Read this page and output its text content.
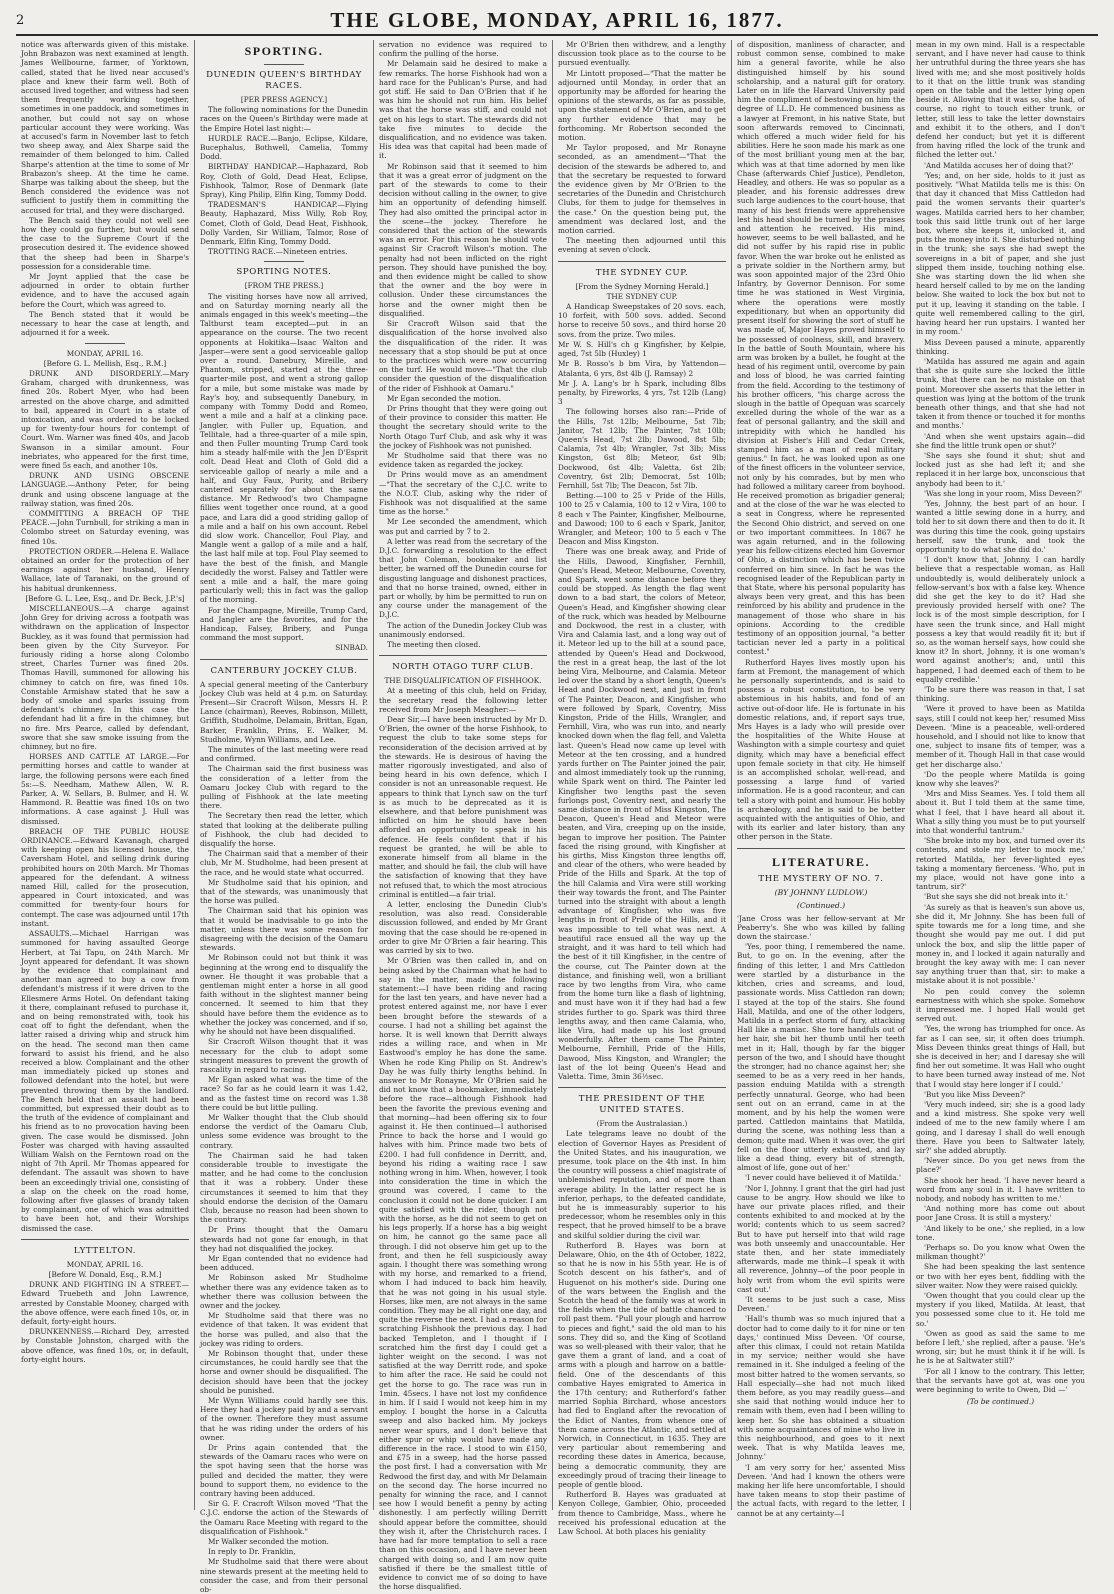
2	THE GLOBE, MONDAY, APRIL 16, 1877.

notice was afterwards given of this mistake. John Brabazon was next examined at length. James Wellbourne, farmer, of Yorktown, called, stated that he lived near accused's place and knew their farm well. Both of accused lived together, and witness had seen them frequently working together, sometimes in one paddock, and sometimes in another, but could not say on whose particular account they were working. Was at accused's farm in November last to fetch two sheep away, and Alex Sharpe said the remainder of them belonged to him. Called Sharpe's attention at the time to some of Mr Brabazon's sheep. At the time he came. Sharpe was talking about the sheep, but the Bench considered the evidence was not sufficient to justify them in committing the accused for trial, and they were discharged.

The Bench said they could not well see how they could go further, but would send the case to the Supreme Court if the prosecution desired it. The evidence showed that the sheep had been in Sharpe's possession for a considerable time.

Mr Joynt applied that the case be adjourned in order to obtain further evidence, and to have the accused again before the Court, which was agreed to.

The Bench stated that it would be necessary to hear the case at length, and adjourned it for a week.

MONDAY, APRIL 16.

[Before G. L. Mellish, Esq., R.M.]

DRUNK AND DISORDERLY.—Mary Graham, charged with drunkenness, was fined 20s. Robert Myer, who had been arrested on the above charge, and admitted to bail, appeared in Court in a state of intoxication, and was ordered to be locked up for twenty-four hours for contempt of Court. Wm. Warner was fined 40s, and Jacob Swanson in a similar amount. Four inebriates, who appeared for the first time, were fined 5s each, and another 10s.

DRUNK AND USING OBSCENE LANGUAGE.—Anthony Peter, for being drunk and using obscene language at the railway station, was fined 20s.

COMMITTING A BREACH OF THE PEACE.—John Turnbull, for striking a man in Colombo street on Saturday evening, was fined 10s.

PROTECTION ORDER.—Helena E. Wallace obtained an order for the protection of her earnings against her husband, Henry Wallace, late of Taranaki, on the ground of his habitual drunkenness.

[Before G. L. Lee, Esq., and Dr. Beck, J.P.'s]

MISCELLANEOUS.—A charge against John Grey for driving across a footpath was withdrawn on the application of Inspector Buckley, as it was found that permission had been given by the City Surveyor. For furiously riding a horse along Colombo street, Charles Turner was fined 20s. Thomas Havill, summoned for allowing his chimney to catch on fire, was fined 10s. Constable Armishaw stated that he saw a body of smoke and sparks issuing from defendant's chimney. In this case the defendant had lit a fire in the chimney, but no fire. Mrs Pearce, called by defendant, swore that she saw smoke issuing from the chimney, but no fire.

HORSES AND CATTLE AT LARGE.—For permitting horses and cattle to wander at large, the following persons were each fined 5s:—S. Needham, Mathew Allen, W. R. Parker, A. W. Sellars, B. Bulmer, and H. W. Hammond. R. Beattie was fined 10s on two informations. A case against J. Hull was dismissed.

BREACH OF THE PUBLIC HOUSE ORDINANCE.—Edward Kavanagh, charged with keeping open his licensed house, the Caversham Hotel, and selling drink during prohibited hours on 20th March. Mr Thomas appeared for the defendant. A witness named Hill, called for the prosecution, appeared in Court intoxicated, and was committed for twenty-four hours for contempt. The case was adjourned until 17th instant.

ASSAULTS.—Michael Harrigan was summoned for having assaulted George Herbert, at Tai Tapu, on 24th March. Mr Joynt appeared for defendant. It was shown by the evidence that complainant and another man agreed to buy a cow from defendant's mistress if it were driven to the Ellesmere Arms Hotel. On defendant taking it there, complainant refused to purchase it, and on being remonstrated with, took his coat off to fight the defendant, when the latter raised a driving whip and struck him on the head. The second man then came forward to assist his friend, and he also received a blow. Complainant and the other man immediately picked up stones and followed defendant into the hotel, but were prevented throwing them by the landlord. The Bench held that an assault had been committed, but expressed their doubt as to the truth of the evidence of complainant and his friend as to no provocation having been given. The case would be dismissed. John Foster was charged with having assaulted William Walsh on the Ferntown road on the night of 7th April. Mr Thomas appeared for defendant. The assault was shown to have been an exceedingly trivial one, consisting of a slap on the cheek on the road home, following after five glasses of brandy taken by complainant, one of which was admitted to have been hot, and their Worships dismissed the case.

LYTTELTON.

MONDAY, APRIL 16.

[Before W. Donald, Esq., R.M.]

DRUNK AND FIGHTING IN A STREET.—Edward Truebeth and John Lawrence, arrested by Constable Mooney, charged with the above offence, were each fined 10s, or, in default, forty-eight hours.

DRUNKENNESS.—Richard Dey, arrested by Constable Johnston, charged with the above offence, was fined 10s, or, in default, forty-eight hours.

SPORTING.
DUNEDIN QUEEN'S BIRTHDAY RACES.

[PER PRESS AGENCY.]

The following nominations for the Dunedin races on the Queen's Birthday were made at the Empire Hotel last night:—

HURDLE RACE.—Banjo, Eclipse, Kildare, Bucephalus, Bothwell, Camelia, Tommy Dodd.

BIRTHDAY HANDICAP.—Haphazard, Rob Roy, Cloth of Gold, Dead Heat, Eclipse, Fishhook, Talmor, Rose of Denmark (late Spray), King Philip, Elfin King, Tommy Dodd.

TRADESMAN'S HANDICAP.—Flying Beauty, Haphazard, Miss Willy, Rob Roy, Comet, Cloth of Gold, Dead Heat, Fishhook, Dolly Varden, Sir William, Talmor, Rose of Denmark, Elfin King, Tommy Dodd.

TROTTING RACE.—Nineteen entries.

SPORTING NOTES.

[FROM THE PRESS.]

The visiting horses have now all arrived, and on Saturday morning nearly all the animals engaged in this week's meeting—the Taltburst team excepted—put in an appearance on the course. The two recent opponents at Hokitika—Isaac Walton and Jasper—were sent a good serviceable gallop over a round. Danebury, Mireille, and Phantom, stripped, started at the three-quarter-mile post, and went a strong gallop for a mile, but some mistake was made by Ray's boy, and subsequently Danebury, in company with Tommy Dodd and Romeo, went a mile and a half at a clinking pace. Jangler, with Fuller up, Equation, and Tellitale, had a three-quarter of a mile spin, and then Fuller mounting Trump Card took him a steady half-mile with the Jen D'Esprit colt. Dead Heat and Cloth of Gold did a serviceable gallop of nearly a mile and a half, and Guy Faux, Purity, and Bribery cantered separately for about the same distance. Mr Redwood's two Champagne fillies went together once round, at a good pace, and Lara did a good striding gallop of a mile and a half on his own account. Rebel did slow work. Chancellor, Foul Play, and Mangle went a gallop of a mile and a half, the last half mile at top. Foul Play seemed to have the best of the finish, and Mangle decidedly the worst. Falsey and Tattler were sent a mile and a half, the mare going particularly well; this in fact was the gallop of the morning.

For the Champagne, Mireille, Trump Card, and Jangler are the favorites, and for the Handicap, Falsey, Bribery, and Punga command the most support.

SINBAD.

CANTERBURY JOCKEY CLUB.

A special general meeting of the Canterbury Jockey Club was held at 4 p.m. on Saturday. Present—Sir Cracroft Wilson, Messrs H. P. Lance (chairman), Reeves, Robinson, Millett, Griffith, Studholme, Delamain, Brittan, Egan, Barker, Franklin, Prins, E. Walker, M. Studholme, Wynn Williams, and Lee.

The minutes of the last meeting were read and confirmed.

The Chairman said the first business was the consideration of a letter from the Oamaru Jockey Club with regard to the pulling of Fishhook at the late meeting there.

The Secretary then read the letter, which stated that looking at the deliberate pulling of Fishhook, the club had decided to disqualify the horse.

The Chairman said that a member of their club, Mr M. Studholme, had been present at the race, and he would state what occurred.

Mr Studholme said that his opinion, and that of the stewards, was unanimously that the horse was pulled.

The Chairman said that his opinion was that it would be inadvisable to go into the matter, unless there was some reason for disagreeing with the decision of the Oamaru stewards.

Mr Robinson could not but think it was beginning at the wrong end to disqualify the owner. He thought it was probable that a gentleman might enter a horse in all good faith without in the slightest manner being concerned. It seemed to him that they should have before them the evidence as to whether the jockey was concerned, and if so, why he should not have been disqualified.

Sir Cracroft Wilson thought that it was necessary for the club to adopt some stringent measures to prevent the growth of rascality in regard to racing.

Mr Egan asked what was the time of the race? So far as he could learn it was 1.42, and as the fastest time on record was 1.38 there could be but little pulling.

Mr Walker thought that the Club should endorse the verdict of the Oamaru Club, unless some evidence was brought to the contrary.

The Chairman said he had taken considerable trouble to investigate the matter, and he had come to the conclusion that it was a robbery. Under these circumstances it seemed to him that they should endorse the decision of the Oamaru Club, because no reason had been shown to the contrary.

Dr Prins thought that the Oamaru stewards had not gone far enough, in that they had not disqualified the jockey.

Mr Egan contended that no evidence had been adduced.

Mr Robinson asked Mr Studholme whether there was any evidence taken as to whether there was collusion between the owner and the jockey.

Mr Studholme said that there was no evidence of that taken. It was evident that the horse was pulled, and also that the jockey was riding to orders.

Mr Robinson thought that, under these circumstances, he could hardly see that the horse and owner should be disqualified. The decision should have been that the jockey should be punished.

Mr Wynn Williams could hardly see this. Here they had a jockey paid by and a servant of the owner. Therefore they must assume that he was riding under the orders of his owner.

Dr Prins again contended that the stewards of the Oamaru races who were on the spot having seen that the horse was pulled and decided the matter, they were bound to support them, no evidence to the contrary having been adduced.

Sir G. F. Cracroft Wilson moved "That the C.J.C. endorse the action of the Stewards of the Oamaru Race Meeting with regard to the disqualification of Fishhook."

Mr Walker seconded the motion.

In reply to Dr. Franklin,

Mr Studholme said that there were about nine stewards present at the meeting held to consider the case, and from their personal ob-

servation no evidence was required to confirm the pulling of the horse.

Mr Delamain said he desired to make a few remarks. The horse Fishhook had won a hard race for the Publican's Purse, and had got stiff. He said to Dan O'Brien that if he was him he should not run him. His belief was that the horse was stiff, and could not get on his legs to start. The stewards did not take five minutes to decide the disqualification, and no evidence was taken. His idea was that capital had been made of it.

Mr Robinson said that it seemed to him that it was a great error of judgment on the part of the stewards to come to their decision without calling in the owner, to give him an opportunity of defending himself. They had also omitted the principal actor in the scene—the jockey. Therefore he considered that the action of the stewards was an error. For this reason he should vote against Sir Cracroft Wilson's motion. The penalty had not been inflicted on the right person. They should have punished the boy, and then evidence might be called to show that the owner and the boy were in collusion. Under these circumstances the horse and the owner might then be disqualified.

Sir Cracroft Wilson said that the disqualification of the horse involved also the disqualification of the rider. It was necessary that a stop should be put at once to the practices which were now occurring on the turf. He would move—"That the club consider the question of the disqualification of the rider of Fishhook at Oamaru."

Mr Egan seconded the motion.

Dr Prins thought that they were going out of their province to consider this matter. He thought the secretary should write to the North Otago Turf Club, and ask why it was the jockey of Fishhook was not punished.

Mr Studholme said that there was no evidence taken as regarded the jockey.

Dr Prins would move as an amendment—"That the secretary of the C.J.C. write to the N.O.T. Club, asking why the rider of Fishhook was not disqualified at the same time as the horse."

Mr Lee seconded the amendment, which was put and carried by 7 to 2.

A letter was read from the secretary of the D.J.C. forwarding a resolution to the effect that John Coleman, bookmaker and list better, be warned off the Dunedin course for disgusting language and dishonest practices, and that no horse trained, owned, either in part or wholly, by him be permitted to run on any course under the management of the D.J.C.

The action of the Dunedin Jockey Club was unanimously endorsed.

The meeting then closed.

NORTH OTAGO TURF CLUB.

THE DISQUALIFICATION OF FISHHOOK.

At a meeting of this club, held on Friday, the secretary read the following letter received from Mr Joseph Meagher:—

Dear Sir,—I have been instructed by Mr D. O'Brien, the owner of the horse Fishhook, to request the club to take some steps for reconsideration of the decision arrived at by the stewards. He is desirous of having the matter rigorously investigated, and also of being heard in his own defence, which I consider is not an unreasonable request. He appears to think that Lynch saw on the turf is as much to be deprecated as it is elsewhere, and that before punishment was inflicted on him he should have been afforded an opportunity to speak in his defence. He feels confident that if his request be granted, he will be able to exonerate himself from all blame in the matter, and should he fail, the club will have the satisfaction of knowing that they have not refused that, to which the most atrocious criminal is entitled—a fair trial.

A letter, enclosing the Dunedin Club's resolution, was also read. Considerable discussion followed, and ended by Mr Grant moving that the case should be re-opened in order to give Mr O'Brien a fair hearing. This was carried by six to two.

Mr O'Brien was then called in, and on being asked by the Chairman what he had to say in the matter, made the following statement:—I have been riding and racing for the last ten years, and have never had a protest entered against me, nor have I ever been brought before the stewards of a course. I had not a shilling bet against the horse. It is well known that Derritt always rides a willing race, and when in Mr Eastwood's employ he has done the same. When he rode King Philip on St. Andrew's Day he was fully thirty lengths behind. In answer to Mr Ronayne, Mr O'Brien said he did not know that a bookmaker, immediately before the race—although Fishhook had been the favorite the previous evening and that morning—had been offering six to four against it. He then continued—I authorised Prince to back the horse and I would go halves with him. Prince made two bets of £200. I had full confidence in Derritt, and, beyond his riding a waiting race I saw nothing wrong in him. When, however, I took into consideration the time in which the ground was covered, I came to the conclusion it could not be done quicker. I am quite satisfied with the rider, though not with the horse, as he did not seem to get on his legs properly. If a horse has a big weight on him, he cannot go the same pace all through. I did not observe him get up to the front, and then he fell suspiciously away again. I thought there was something wrong with my horse, and remarked to a friend, whom I had induced to back him heavily, that he was not going in his usual style. Horses, like men, are not always in the same condition. They may be all right one day, and quite the reverse the next. I had a reason for scratching Fishhook the previous day. I had backed Templeton, and I thought if I scratched him the first day I could get a lighter weight on the second. I was not satisfied at the way Derritt rode, and spoke to him after the race. He said he could not get the horse to go. The race was run in 1min. 45secs. I have not lost my confidence in him. If I said I would not keep him in my employ. I bought the horse in a Calcutta sweep and also backed him. My jockeys never wear spurs, and I don't believe that either spur or whip would have made any difference in the race. I stood to win £150, and £75 in a sweep, had the horse passed the post first. I had a conversation with Mr Redwood the first day, and with Mr Delamain on the second day. The horse incurred no penalty for winning the race, and I cannot see how I would benefit a penny by acting dishonestly. I am perfectly willing Derritt should appear before the committee, should they wish it, after the Christchurch races. I have had far more temptation to sell a race than on this occasion, and I have never been charged with doing so, and I am now quite satisfied if there be the smallest tittle of evidence to convict me of so doing to have the horse disqualified.

Mr O'Brien then withdrew, and a lengthy discussion took place as to the course to be pursued eventually.

Mr Lintott proposed—"That the matter be adjourned until Monday, in order that an opportunity may be afforded for hearing the opinions of the stewards, as far as possible, upon the statement of Mr O'Brien, and to get any further evidence that may be forthcoming. Mr Robertson seconded the motion.

Mr Taylor proposed, and Mr Ronayne seconded, as an amendment—"That the decision of the stewards be adhered to, and that the secretary be requested to forward the evidence given by Mr O'Brien to the secretaries of the Dunedin and Christchurch Clubs, for them to judge for themselves in the case." On the question being put, the amendment was declared lost, and the motion carried.

The meeting then adjourned until this evening at seven o'clock.

THE SYDNEY CUP.

[From the Sydney Morning Herald.]

THE SYDNEY CUP.

A Handicap Sweepstakes of 20 sovs. each, 10 forfeit, with 500 sovs. added. Second horse to receive 50 sovs., and third horse 20 sovs. from the prize. Two miles.

Mr W. S. Hill's ch g Kingfisher, by Kelpie, aged, 7st 5lb (Huxley) 1

Mr B. Rosso's b bm Vira, by Yattendon—Atalanta, 6 yrs, 8st 4lb (J. Ramsay) 2

Mr J. A. Lang's br h Spark, including 8lbs penalty, by Fireworks, 4 yrs, 7st 12lb (Lang) 3

The following horses also ran:—Pride of the Hills, 7st 12lb; Melbourne, 5st 7lb; Janitor, 7st 12lb; The Painter, 7st 10lb; Queen's Head, 7st 2lb; Dawood, 8st 5lb; Calamia, 7st 4lb; Wrangler, 7st 3lb; Miss Kingston, 6st 8lb; Meteor, 6st 9lb; Dockwood, 6st 4lb; Valetta, 6st 2lb; Coventry, 6st 2lb; Democrat, 5st 10lb; Fernhill, 5st 7lb; The Deacon, 5st 7lb.

Betting.—100 to 25 v Pride of the Hills, 100 to 25 v Calamia, 100 to 12 v Vira, 100 to 8 each v The Painter, Kingfisher, Melbourne, and Dawood; 100 to 6 each v Spark, Janitor, Wrangler, and Meteor; 100 to 5 each v The Deacon and Miss Kingston.

There was one break away, and Pride of the Hills, Dawood, Kingfisher, Fernhill, Queen's Head, Meteor, Melbourne, Coventry, and Spark, went some distance before they could be stopped. As length the flag went down to a bad start, the colors of Meteor, Queen's Head, and Kingfisher showing clear of the ruck, which was headed by Melbourne and Dockwood, the rest in a cluster, with Vira and Calamia last, and a long way out of it. Meteor led up to the hill at a sound pace, attended by Queen's Head and Dockwood, the rest in a great heap, the last of the lot being Vira, Melbourne, and Calamia. Meteor led over the stand by a short length, Queen's Head and Dockwood next, and just in front of The Painter, Deacon, and Kingfisher, who were followed by Spark, Coventry, Miss Kingston, Pride of the Hills, Wrangler, and Fernhill, Vira, who was run into, and nearly knocked down when the flag fell, and Valetta last. Queen's Head now came up level with Meteor at the ten crossing, and a hundred yards further on The Painter joined the pair, and almost immediately took up the running, while Spark went on third. The Painter led Kingfisher two lengths past the seven furlongs post, Coventry next, and nearly the same distance in front of Miss Kingston, The Deacon, Queen's Head and Meteor were beaten, and Vira, creeping up on the inside, began to improve her position. The Painter faced the rising ground, with Kingfisher at his girths, Miss Kingston three lengths off, and clear of the others, who were headed by Pride of the Hills and Spark. At the top of the hill Calamia and Vira were still working their way towards the front, and The Painter turned into the straight with about a length advantage of Kingfisher, who was five lengths in front of Pride of the Hills, and it was impossible to tell what was next. A beautiful race ensued all the way up the straight, and it was hard to tell which had the best of it till Kingfisher, in the centre of the course, cut The Painter down at the distance, and finishing well, won a brilliant race by two lengths from Vira, who came from the home turn like a flash of lightning, and must have won it if they had had a few strides further to go. Spark was third three lengths away, and then came Calamia, who, like Vira, had made up his lost ground wonderfully. After them came The Painter, Melbourne, Fernhill, Pride of the Hills, Dawood, Miss Kingston, and Wrangler; the last of the lot being Queen's Head and Valetta. Time, 3min 36½sec.

THE PRESIDENT OF THE UNITED STATES.

(From the Australasian.)

Late telegrams leave no doubt of the election of Governor Hayes as President of the United States, and his inauguration, we presume, took place on the 4th inst. In him the country will possess a chief magistrate of unblemished reputation, and of more than average ability. In the latter respect he is inferior, perhaps, to the defeated candidate, but he is immeasurably superior to his predecessor, whom he resembles only in this respect, that he proved himself to be a brave and skilful soldier during the civil war.

Rutherford B. Hayes was born at Delaware, Ohio, on the 4th of October, 1822, so that he is now in his 55th year. He is of Scotch descent on his father's, and of Huguenot on his mother's side. During one of the wars between the English and the Scotch the head of the family was at work in the fields when the tide of battle chanced to roll past them. "Pull your plough and harrow to pieces and fight," said the old man to his sons. They did so, and the King of Scotland was so well-pleased with their valor, that he gave them a grant of land, and a coat of arms with a plough and harrow on a battle-field. One of the descendants of this combative Hayes emigrated to America in the 17th century; and Rutherford's father married Sophia Birchard, whose ancestors had fled to England after the revocation of the Edict of Nantes, from whence one of them came across the Atlantic, and settled at Norwich, in Connecticut, in 1635. They are very particular about remembering and recording these dates in America, because, being a democratic community, they are exceedingly proud of tracing their lineage to people of gentle blood.

Rutherford B. Hayes was graduated at Kenyon College, Gambier, Ohio, proceeded from thence to Cambridge, Mass., where he received his professional education at the Law School. At both places his geniality

of disposition, manliness of character, and robust common sense, combined to make him a general favorite, while he also distinguished himself by his sound scholarship, and a natural gift for oratory. Later on in life the Harvard University paid him the compliment of bestowing on him the degree of LL.D. He commenced business as a lawyer at Fremont, in his native State, but soon afterwards removed to Cincinnati, which offered a much wider field for his abilities. Here he soon made his mark as one of the most brilliant young men at the bar, which was at that time adorned by men like Chase (afterwards Chief Justice), Pendleton, Headley, and others. He was so popular as a pleader, and his forensic addresses drew such large audiences to the court-house, that many of his best friends were apprehensive lest his head should be turned by the praises and attention he received. His mind, however, seems to be well ballasted, and he did not suffer by his rapid rise in public favor. When the war broke out he enlisted as a private soldier in the Northern army, but was soon appointed major of the 23rd Ohio Infantry, by Governor Dennison. For some time he was stationed in West Virginia, where the operations were mostly expeditionary, but when an opportunity did present itself for showing the sort of stuff he was made of, Major Hayes proved himself to be possessed of coolness, skill, and bravery. In the battle of South Mountain, where his arm was broken by a bullet, he fought at the head of his regiment until, overcome by pain and loss of blood, he was carried fainting from the field. According to the testimony of his brother officers, "his charge across the slough in the battle of Opequan was scarcely excelled during the whole of the war as a feat of personal gallantry, and the skill and intrepidity with which he handled his division at Fisher's Hill and Cedar Creek, stamped him as a man of real military genius." In fact, he was looked upon as one of the finest officers in the volunteer service, not only by his comrades, but by men who had followed a military career from boyhood. He received promotion as brigadier general; and at the close of the war he was elected to a seat in Congress, where he represented the Second Ohio district, and served on one or two important committees. In 1867 he was again returned, and in the following year his fellow-citizens elected him Governor of Ohio, a distinction which has been twice conferred on him since. In fact he was the recognised leader of the Republican party in that State, where his personal popularity has always been very great, and this has been reinforced by his ability and prudence in the management of those who share in his opinions. According to the credible testimony of an opposition journal, "a better tactician never led a party in a political contest."

Rutherford Hayes lives mostly upon his farm at Fremont, the management of which he personally superintends, and is said to possess a robust constitution, to be very abstemious in his habits, and fond of an active out-of-door life. He is fortunate in his domestic relations, and, if report says true, Mrs Hayes is a lady who will preside over the hospitalities of the White House at Washington with a simple courtesy and quiet dignity, which may have a beneficial effect upon female society in that city. He himself is an accomplished scholar, well-read, and possessing a large fund of varied information. He is a good raconteur, and can tell a story with point and humour. His hobby is archæology, and he is said to be better acquainted with the antiquities of Ohio, and with its earlier and later history, than any other person in the State.

LITERATURE.
THE MYSTERY OF NO. 7.
(BY JOHNNY LUDLOW.)
(Continued.)

'Jane Cross was her fellow-servant at Mr Peaberry's. She who was killed by falling down the staircase.'

'Yes, poor thing, I remembered the name. But, to go on. In the evening, after the finding of this letter, I and Mrs Cattledon were startled by a disturbance in the kitchen, cries and screams, and loud, passionate words. Miss Cattledon ran down; I stayed at the top of the stairs. She found Hall, Matilda, and one of the other lodgers, Matilda in a perfect storm of fury, attacking Hall like a maniac. She tore handfuls out of her hair, she bit her thumb until her teeth met in it; Hall, though by far the bigger person of the two, and I should have thought the stronger, had no chance against her; she seemed to be as a very reed in her hands, passion enduing Matilda with a strength perfectly unnatural. George, who had been sent out on an errand, came in at the moment, and by his help the women were parted. Cattledon maintains that Matilda, during the scene, was nothing less than a demon; quite mad. When it was over, the girl fell on the floor utterly exhausted, and lay like a dead thing, every bit of strength, almost of life, gone out of her.'

'I never could have believed it of Matilda.'

'Nor I, Johnny. I grant that the girl had just cause to be angry. How should we like to have our private places rifled, and their contents exhibited to and mocked at by the world; contents which to us seem sacred? But to have put herself into that wild rage was both unseemly and unaccountable. Her state then, and her state immediately afterwards, made me think—I speak it with all reverence, Johnny—of the poor people in holy writ from whom the evil spirits were cast out.'

'It seems to be just such a case, Miss Deveen.'

'Hall's thumb was so much injured that a doctor had to come daily to it for nine or ten days,' continued Miss Deveen. 'Of course, after this climax, I could not retain Matilda in my service; neither would she have remained in it. She indulged a feeling of the most bitter hatred to the women servants, so Hall especially—she had not much liked them before, as you may readily guess—and she said that nothing would induce her to remain with them, even had I been willing to keep her. So she has obtained a situation with some acquaintances of mine who live in this neighbourhood, and goes to it next week. That is why Matilda leaves me, Johnny.'

'I am very sorry for her,' assented Miss Deveen. 'And had I known the others were making her life here uncomfortable, I should have taken means to stop their pastime of the actual facts, with regard to the letter, I cannot be at any certainty—I

mean in my own mind. Hall is a respectable servant, and I have never had cause to think her untruthful during the three years she has lived with me; and she most positively holds to it that on the little trunk was standing open on the table and the letter lying open beside it. Allowing that it was so, she had, of course, no right to touch either trunk, or letter, still less to take the letter downstairs and exhibit it to the others, and I don't defend her conduct; but yet it is different from having rifled the lock of the trunk and filched the letter out.'

'And Matilda accuses her of doing that?'

'Yes; and, on her side, holds to it just as positively. "What Matilda tells me is this: On that day it chanced that Miss Cattledon had paid the women servants their quarter's wages. Matilda carried hers to her chamber, took this said little trunk out of her large box, where she keeps it, unlocked it, and puts the money into it. She disturbed nothing in the trunk; she says she had swept the sovereigns in a bit of paper, and she just slipped them inside, touching nothing else. She was starting down the lid when she heard herself called to by me on the landing below. She waited to lock the box but not to put it up, leaving it standing on the table. I quite well remembered calling to the girl, having heard her run upstairs. I wanted her in my room.'

Miss Deveen paused a minute, apparently thinking.

'Matilda has assured me again and again that she is quite sure she locked the little trunk, that there can be no mistake on that point. Moreover she asserts that the letter in question was lying at the bottom of the trunk beneath other things, and that she had not taken it from thence or touched it for months and months.'

'And when she went upstairs again—did she find the little trunk open or shut?'

'She says she found it shut; shut and locked just as she had left it; and she replaced it in her large box, unconscious that anybody had been to it.'

'Was she long in your room, Miss Deveen?'

'Yes, Johnny, the best part of an hour. I wanted a little sewing done in a hurry, and told her to sit down there and then to do it. It was during this time the cook, going upstairs herself, saw the trunk, and took the opportunity to do what she did do.'

'I don't know that, Johnny. I can hardly believe that a respectable woman, as Hall undoubtedly is, would deliberately unlock a fellow-servant's box with a false key. Whence did she get the key to do it? Had she previously provided herself with one? The lock is of the most simple description, for I have seen the trunk since, and Hall might possess a key that would readily fit it; but if so, as the woman herself says, how could she know it? In short, Johnny, it is one woman's word against another's; and, until this happened, I had deemed each of them to be equally credible.'

'To be sure there was reason in that, I sat thinking.

'Were it proved to have been as Matilda says, still I could not keep her,' resumed Miss Deveen. 'Mine is a peaceable, well-ordered household, and I should not like to know that one, subject to insane fits of temper, was a member of it. Though Hall in that case would get her discharge also.'

'Do the people where Matilda is going know why she leaves?'

'Mrs and Miss Seames. Yes. I told them all about it. But I told them at the same time, what I feel, that I have heard all about it. What a silly thing you must be to put yourself into that wonderful tantrum.'

'She broke into my box, and turned over its contents, and stole my letter to mock me,' retorted Matilda, her fever-lighted eyes taking a momentary fierceness. 'Who, put in my place, would not have gone into a tantrum, sir?'

'But she says she did not break into it.'

'As surely as that is heaven's sun above us, she did it, Mr Johnny. She has been full of spite towards me for a long time, and she thought she would pay me out. I did put unlock the box, and slip the little paper of money in, and I locked it again naturally and brought the key away with me: I can never say anything truer than that, sir: to make a mistake about it is not possible.'

No pen could convey the solemn earnestness with which she spoke. Somehow it impressed me. I hoped Hall would get served out.

'Yes, the wrong has triumphed for once. As far as I can see, sir, it often does triumph. Miss Deveen thinks great things of Hall, but she is deceived in her; and I daresay she will find her out sometime. It was Hall who ought to have been turned away instead of me. Not that I would stay here longer if I could.'

'But you like Miss Deveen?'

'Very much indeed, sir; she is a good lady and a kind mistress. She spoke very well indeed of me to the new family where I am going, and I daresay I shall do well enough there. Have you been to Saltwater lately, sir?' she added abruptly.

'Never since. Do you get news from the place?'

She shook her head. 'I have never heard a word from any soul in it. I have written to nobody, and nobody has written to me.'

'And nothing more has come out about poor Jane Cross. It is still a mystery.'

'And likely to be one,' she replied, in a low tone.

'Perhaps so. Do you know what Owen the milkman thought?'

She had been speaking the last sentence or two with her eyes bent, fiddling with the silver waiter. Now they were raised quickly.

'Owen thought that you could clear up the mystery if you liked, Matilda. At least, that you possessed some clue to it. He told me so.'

'Owen as good as said the same to me before I left,' she replied, after a pause. 'He's wrong, sir; but he must think it if he will. Is he is he at Saltwater still?'

'For all I know to the contrary. This letter, that the servants have got at, was one you were beginning to write to Owen, Did —'

(To be continued.)
